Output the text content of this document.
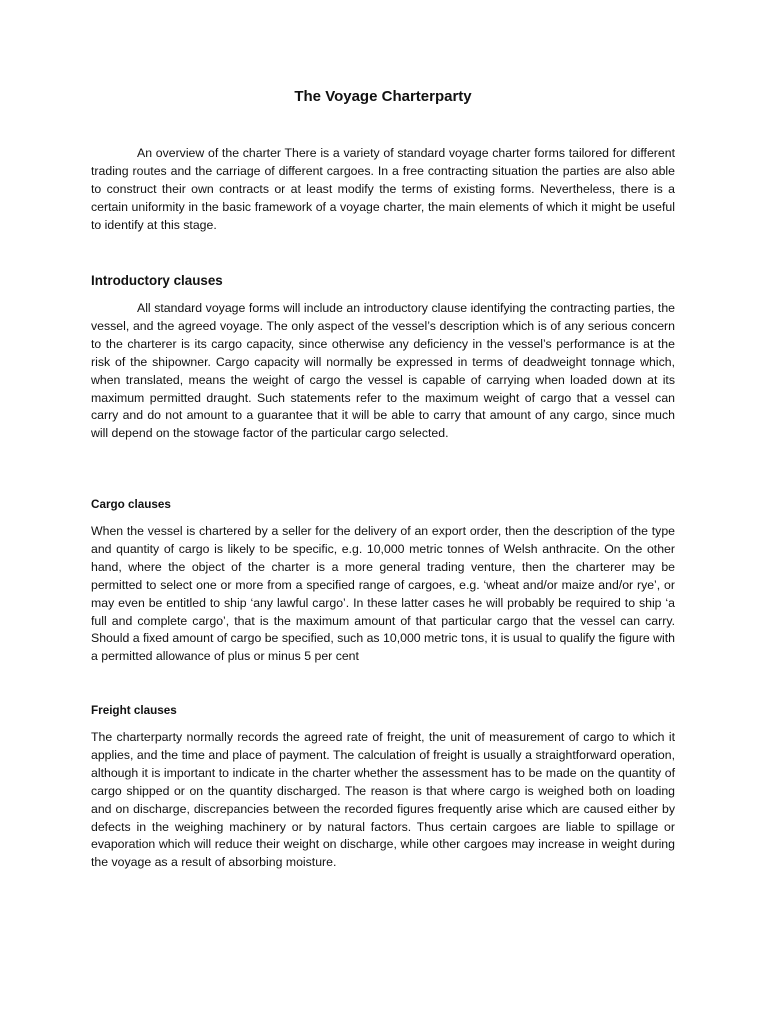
The Voyage Charterparty

An overview of the charter There is a variety of standard voyage charter forms tailored for different trading routes and the carriage of different cargoes. In a free contracting situation the parties are also able to construct their own contracts or at least modify the terms of existing forms. Nevertheless, there is a certain uniformity in the basic framework of a voyage charter, the main elements of which it might be useful to identify at this stage.

Introductory clauses

All standard voyage forms will include an introductory clause identifying the contracting parties, the vessel, and the agreed voyage. The only aspect of the vessel’s description which is of any serious concern to the charterer is its cargo capacity, since otherwise any deficiency in the vessel’s performance is at the risk of the shipowner. Cargo capacity will normally be expressed in terms of deadweight tonnage which, when translated, means the weight of cargo the vessel is capable of carrying when loaded down at its maximum permitted draught. Such statements refer to the maximum weight of cargo that a vessel can carry and do not amount to a guarantee that it will be able to carry that amount of any cargo, since much will depend on the stowage factor of the particular cargo selected.

Cargo clauses

When the vessel is chartered by a seller for the delivery of an export order, then the description of the type and quantity of cargo is likely to be specific, e.g. 10,000 metric tonnes of Welsh anthracite. On the other hand, where the object of the charter is a more general trading venture, then the charterer may be permitted to select one or more from a specified range of cargoes, e.g. ‘wheat and/or maize and/or rye’, or may even be entitled to ship ‘any lawful cargo’. In these latter cases he will probably be required to ship ‘a full and complete cargo’, that is the maximum amount of that particular cargo that the vessel can carry. Should a fixed amount of cargo be specified, such as 10,000 metric tons, it is usual to qualify the figure with a permitted allowance of plus or minus 5 per cent

Freight clauses

The charterparty normally records the agreed rate of freight, the unit of measurement of cargo to which it applies, and the time and place of payment. The calculation of freight is usually a straightforward operation, although it is important to indicate in the charter whether the assessment has to be made on the quantity of cargo shipped or on the quantity discharged. The reason is that where cargo is weighed both on loading and on discharge, discrepancies between the recorded figures frequently arise which are caused either by defects in the weighing machinery or by natural factors. Thus certain cargoes are liable to spillage or evaporation which will reduce their weight on discharge, while other cargoes may increase in weight during the voyage as a result of absorbing moisture.
